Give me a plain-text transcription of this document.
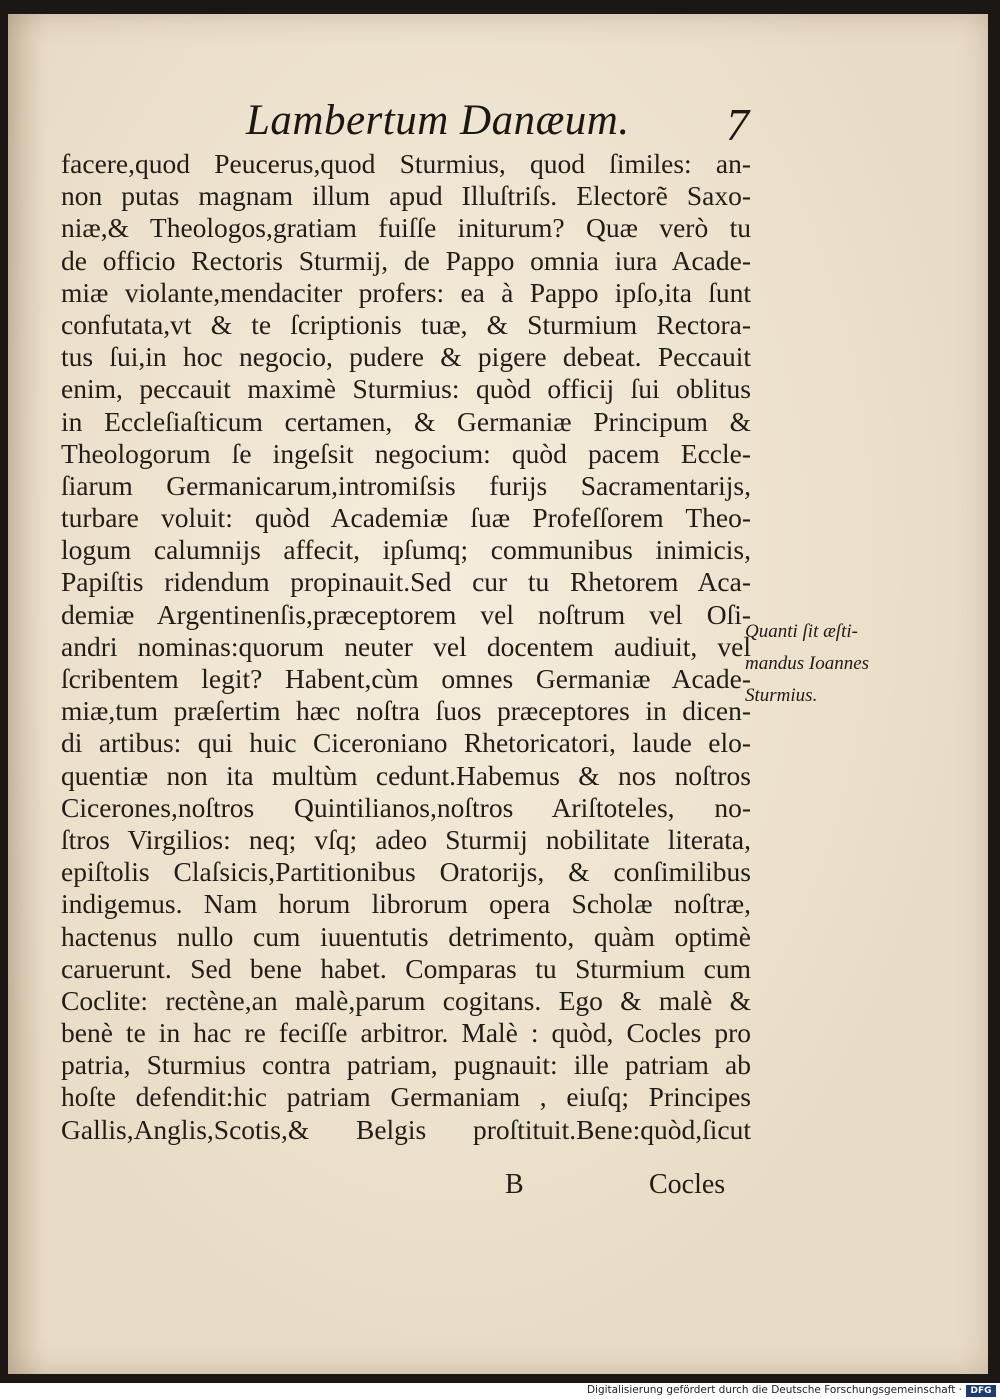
Lambertum Danæum. 7
facere,quod Peucerus,quod Sturmius, quod ſimiles: an-
non putas magnam illum apud Illuſtriſs. Electorẽ Saxo-
niæ,& Theologos,gratiam fuiſſe initurum? Quæ verò tu
de officio Rectoris Sturmij, de Pappo omnia iura Acade-
miæ violante,mendaciter profers: ea à Pappo ipſo,ita ſunt
confutata,vt & te ſcriptionis tuæ, & Sturmium Rectora-
tus ſui,in hoc negocio, pudere & pigere debeat. Peccauit
enim, peccauit maximè Sturmius: quòd officij ſui oblitus
in Eccleſiaſticum certamen, & Germaniæ Principum &
Theologorum ſe ingeſsit negocium: quòd pacem Eccle-
ſiarum Germanicarum,intromiſsis furijs Sacramentarijs,
turbare voluit: quòd Academiæ ſuæ Profeſſorem Theo-
logum calumnijs affecit, ipſumq; communibus inimicis,
Papiſtis ridendum propinauit.Sed cur tu Rhetorem Aca-
demiæ Argentinenſis,præceptorem vel noſtrum vel Oſi-
andri nominas:quorum neuter vel docentem audiuit, vel
ſcribentem legit? Habent,cùm omnes Germaniæ Acade-
miæ,tum præſertim hæc noſtra ſuos præceptores in dicen-
di artibus: qui huic Ciceroniano Rhetoricatori, laude elo-
quentiæ non ita multùm cedunt.Habemus & nos noſtros
Cicerones,noſtros Quintilianos,noſtros Ariſtoteles, no-
ſtros Virgilios: neq; vſq; adeo Sturmij nobilitate literata,
epiſtolis Claſsicis,Partitionibus Oratorijs, & conſimilibus
indigemus. Nam horum librorum opera Scholæ noſtræ,
hactenus nullo cum iuuentutis detrimento, quàm optimè
caruerunt. Sed bene habet. Comparas tu Sturmium cum
Coclite: rectène,an malè,parum cogitans. Ego & malè &
benè te in hac re feciſſe arbitror. Malè : quòd, Cocles pro
patria, Sturmius contra patriam, pugnauit: ille patriam ab
hoſte defendit:hic patriam Germaniam , eiuſq; Principes
Gallis,Anglis,Scotis,& Belgis proſtituit.Bene:quòd,ſicut
Quanti ſit æſti-
mandus Ioannes
Sturmius.
B	Cocles
Digitalisierung gefördert durch die Deutsche Forschungsgemeinschaft · DFG
